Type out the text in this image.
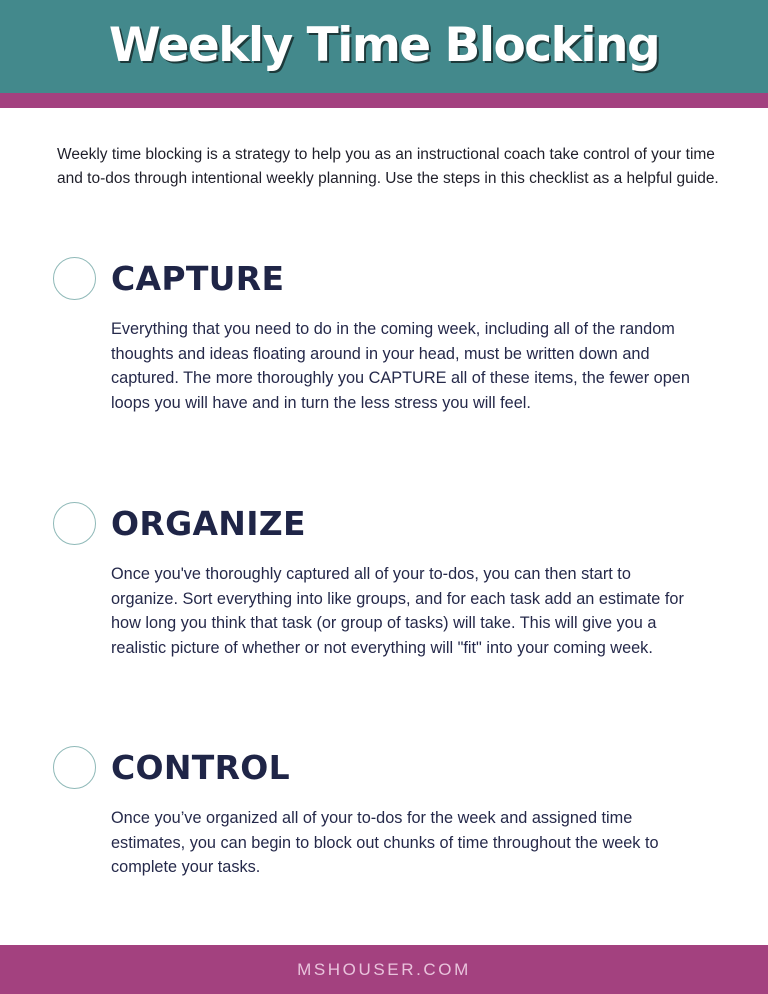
Weekly Time Blocking
Weekly time blocking is a strategy to help you as an instructional coach take control of your time and to-dos through intentional weekly planning. Use the steps in this checklist as a helpful guide.
CAPTURE
Everything that you need to do in the coming week, including all of the random thoughts and ideas floating around in your head, must be written down and captured. The more thoroughly you CAPTURE all of these items, the fewer open loops you will have and in turn the less stress you will feel.
ORGANIZE
Once you've thoroughly captured all of your to-dos, you can then start to organize. Sort everything into like groups, and for each task add an estimate for how long you think that task (or group of tasks) will take. This will give you a realistic picture of whether or not everything will "fit" into your coming week.
CONTROL
Once you’ve organized all of your to-dos for the week and assigned time estimates, you can begin to block out chunks of time throughout the week to complete your tasks.
MSHOUSER.COM
